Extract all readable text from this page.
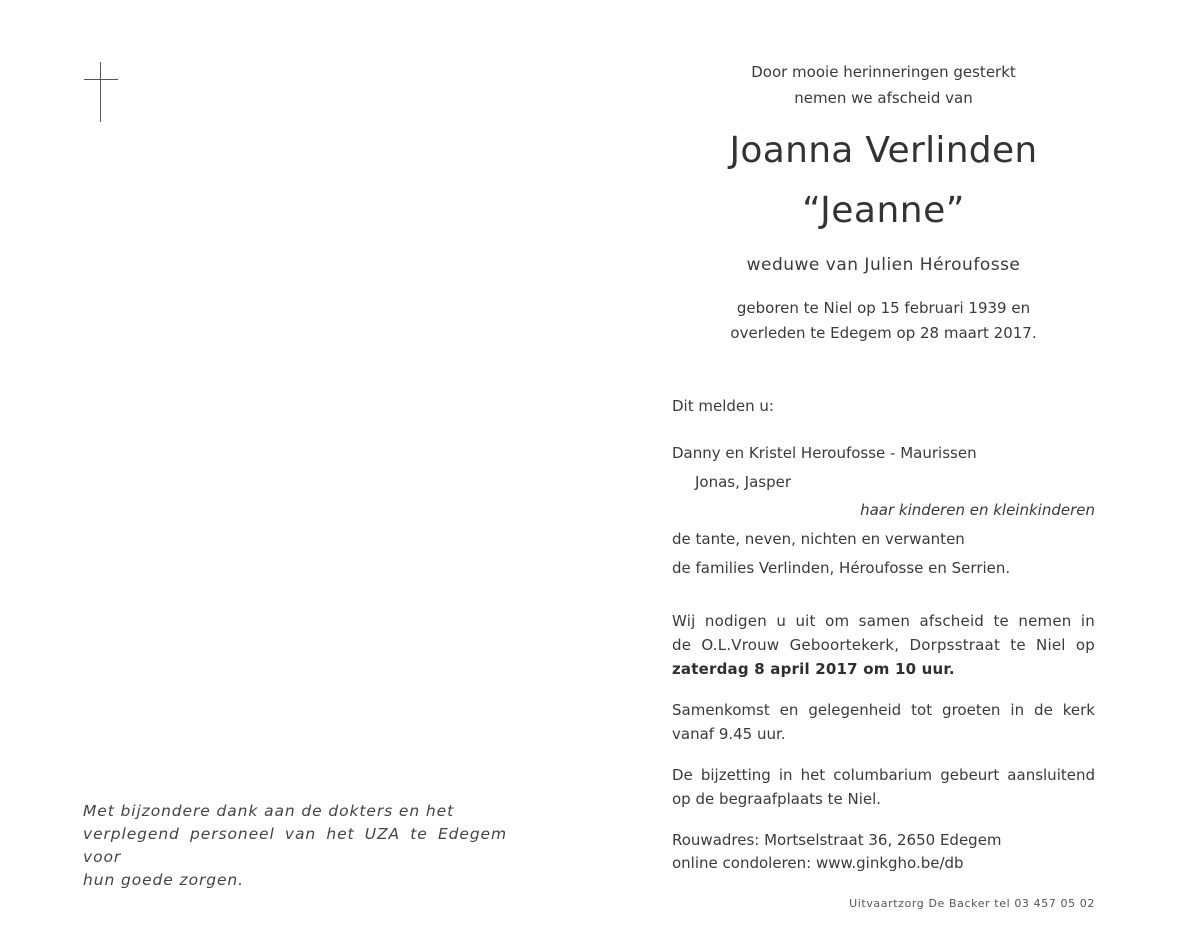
Met bijzondere dank aan de dokters en het
verplegend personeel van het UZA te Edegem voor
hun goede zorgen.
Door mooie herinneringen gesterkt
nemen we afscheid van
Joanna Verlinden
“Jeanne”
weduwe van Julien Héroufosse
geboren te Niel op 15 februari 1939 en
overleden te Edegem op 28 maart 2017.
Dit melden u:
Danny en Kristel Heroufosse - Maurissen
Jonas, Jasper
haar kinderen en kleinkinderen
de tante, neven, nichten en verwanten
de families Verlinden, Héroufosse en Serrien.
Wij nodigen u uit om samen afscheid te nemen in
de O.L.Vrouw Geboortekerk, Dorpsstraat te Niel op
zaterdag 8 april 2017 om 10 uur.
Samenkomst en gelegenheid tot groeten in de kerk
vanaf 9.45 uur.
De bijzetting in het columbarium gebeurt aansluitend
op de begraafplaats te Niel.
Rouwadres: Mortselstraat 36, 2650 Edegem
online condoleren: www.ginkgho.be/db
Uitvaartzorg De Backer tel 03 457 05 02
